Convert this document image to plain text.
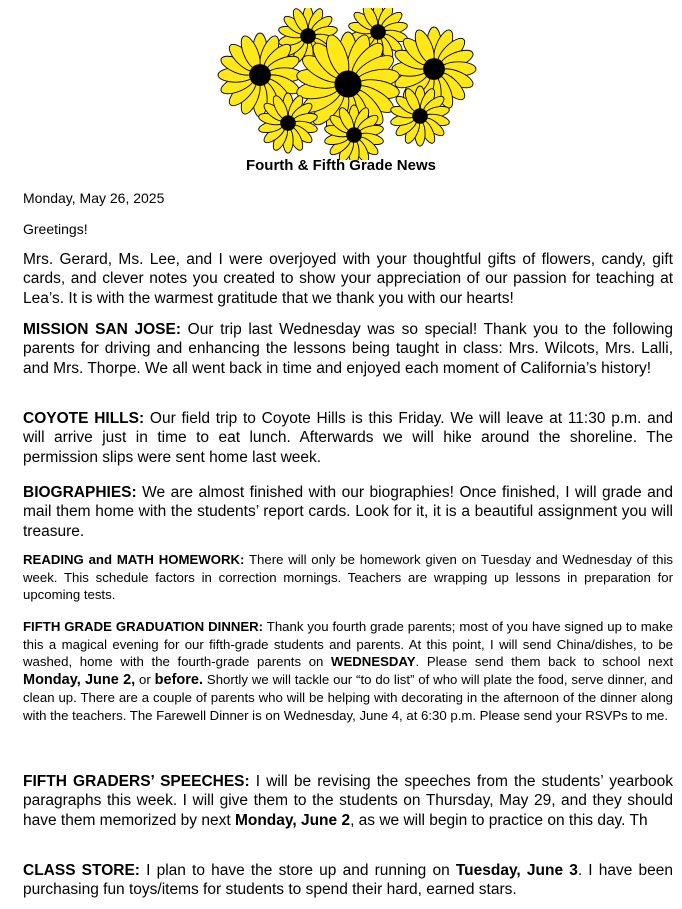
Fourth & Fifth Grade News

Monday, May 26, 2025

Greetings!

Mrs. Gerard, Ms. Lee, and I were overjoyed with your thoughtful gifts of flowers, candy, gift cards, and clever notes you created to show your appreciation of our passion for teaching at Lea’s. It is with the warmest gratitude that we thank you with our hearts!

MISSION SAN JOSE: Our trip last Wednesday was so special! Thank you to the following parents for driving and enhancing the lessons being taught in class: Mrs. Wilcots, Mrs. Lalli, and Mrs. Thorpe. We all went back in time and enjoyed each moment of California’s history!

COYOTE HILLS: Our field trip to Coyote Hills is this Friday. We will leave at 11:30 p.m. and will arrive just in time to eat lunch. Afterwards we will hike around the shoreline. The permission slips were sent home last week.

BIOGRAPHIES: We are almost finished with our biographies! Once finished, I will grade and mail them home with the students’ report cards. Look for it, it is a beautiful assignment you will treasure.

READING and MATH HOMEWORK: There will only be homework given on Tuesday and Wednesday of this week. This schedule factors in correction mornings. Teachers are wrapping up lessons in preparation for upcoming tests.

FIFTH GRADE GRADUATION DINNER: Thank you fourth grade parents; most of you have signed up to make this a magical evening for our fifth-grade students and parents. At this point, I will send China/dishes, to be washed, home with the fourth-grade parents on WEDNESDAY. Please send them back to school next Monday, June 2, or before. Shortly we will tackle our “to do list” of who will plate the food, serve dinner, and clean up. There are a couple of parents who will be helping with decorating in the afternoon of the dinner along with the teachers. The Farewell Dinner is on Wednesday, June 4, at 6:30 p.m. Please send your RSVPs to me.

FIFTH GRADERS’ SPEECHES: I will be revising the speeches from the students’ yearbook paragraphs this week. I will give them to the students on Thursday, May 29, and they should have them memorized by next Monday, June 2, as we will begin to practice on this day. Th

CLASS STORE: I plan to have the store up and running on Tuesday, June 3. I have been purchasing fun toys/items for students to spend their hard, earned stars.
